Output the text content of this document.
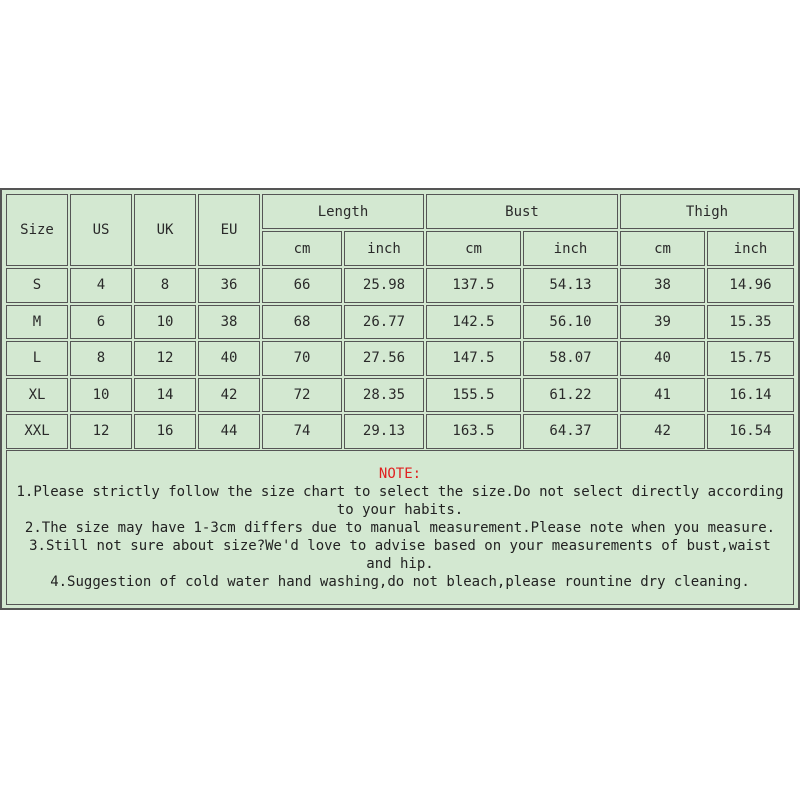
Size	US	UK	EU
Length	Bust	Thigh
cm	inch	cm	inch	cm	inch
S	4	8	36	66	25.98	137.5	54.13	38	14.96
M	6	10	38	68	26.77	142.5	56.10	39	15.35
L	8	12	40	70	27.56	147.5	58.07	40	15.75
XL	10	14	42	72	28.35	155.5	61.22	41	16.14
XXL	12	16	44	74	29.13	163.5	64.37	42	16.54
NOTE:
1.Please strictly follow the size chart to select the size.Do not select directly according to your habits.
2.The size may have 1-3cm differs due to manual measurement.Please note when you measure.
3.Still not sure about size?We'd love to advise based on your measurements of bust,waist and hip.
4.Suggestion of cold water hand washing,do not bleach,please rountine dry cleaning.
